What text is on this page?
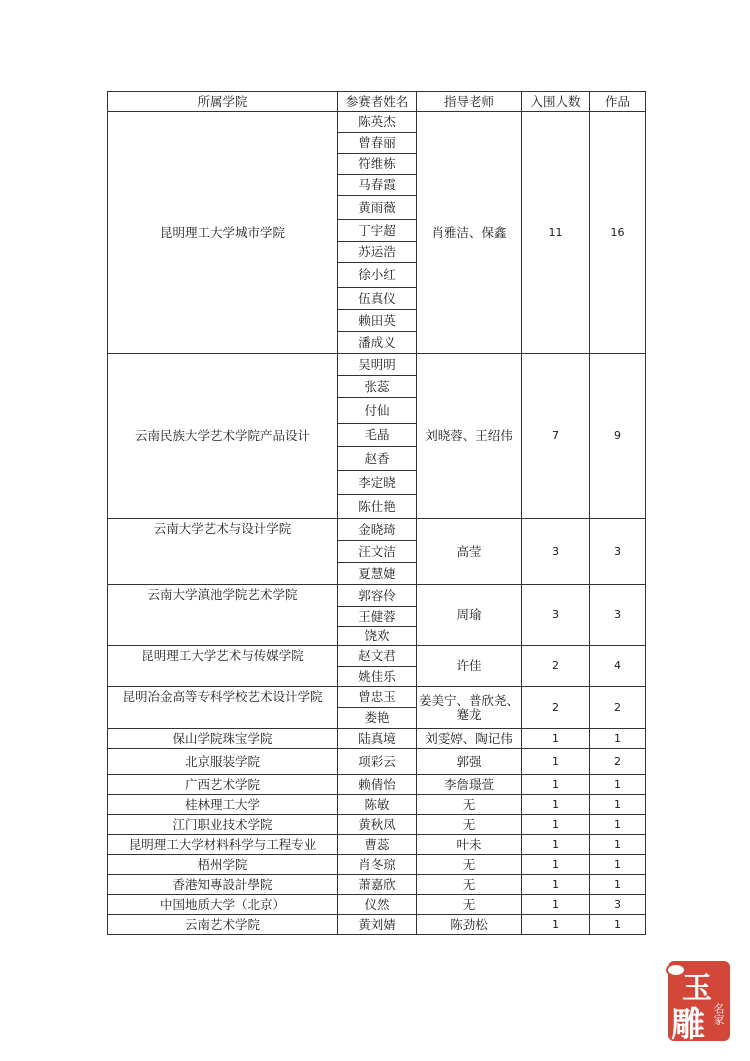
所属学院	参赛者姓名	指导老师	入围人数	作品
昆明理工大学城市学院	陈英杰	肖雅洁、保鑫	11	16
	曾春丽			
	符维栋			
	马春霞			
	黄雨薇			
	丁宇超			
	苏运浩			
	徐小红			
	伍真仪			
	赖田英			
	潘成义			
云南民族大学艺术学院产品设计	吴明明	刘晓蓉、王绍伟	7	9
	张蕊			
	付仙			
	毛晶			
	赵香			
	李定晓			
	陈仕艳			
云南大学艺术与设计学院	金晓琦	高莹	3	3
	汪文洁			
	夏慧婕			
云南大学滇池学院艺术学院	郭容伶	周瑜	3	3
	王健蓉			
	饶欢			
昆明理工大学艺术与传媒学院	赵文君	许佳	2	4
	姚佳乐			
昆明冶金高等专科学校艺术设计学院	曾忠玉	姜美宁、普欣尧、蹇龙	2	2
	娄艳			
保山学院珠宝学院	陆真境	刘雯婷、陶记伟	1	1
北京服装学院	项彩云	郭强	1	2
广西艺术学院	赖倩怡	李詹璟萱	1	1
桂林理工大学	陈敏	无	1	1
江门职业技术学院	黄秋凤	无	1	1
昆明理工大学材料科学与工程专业	曹蕊	叶未	1	1
梧州学院	肖冬琼	无	1	1
香港知專設計學院	萧嘉欣	无	1	1
中国地质大学（北京）	仪然	无	1	3
云南艺术学院	黄刘婧	陈劲松	1	1
玉
雕 名家
